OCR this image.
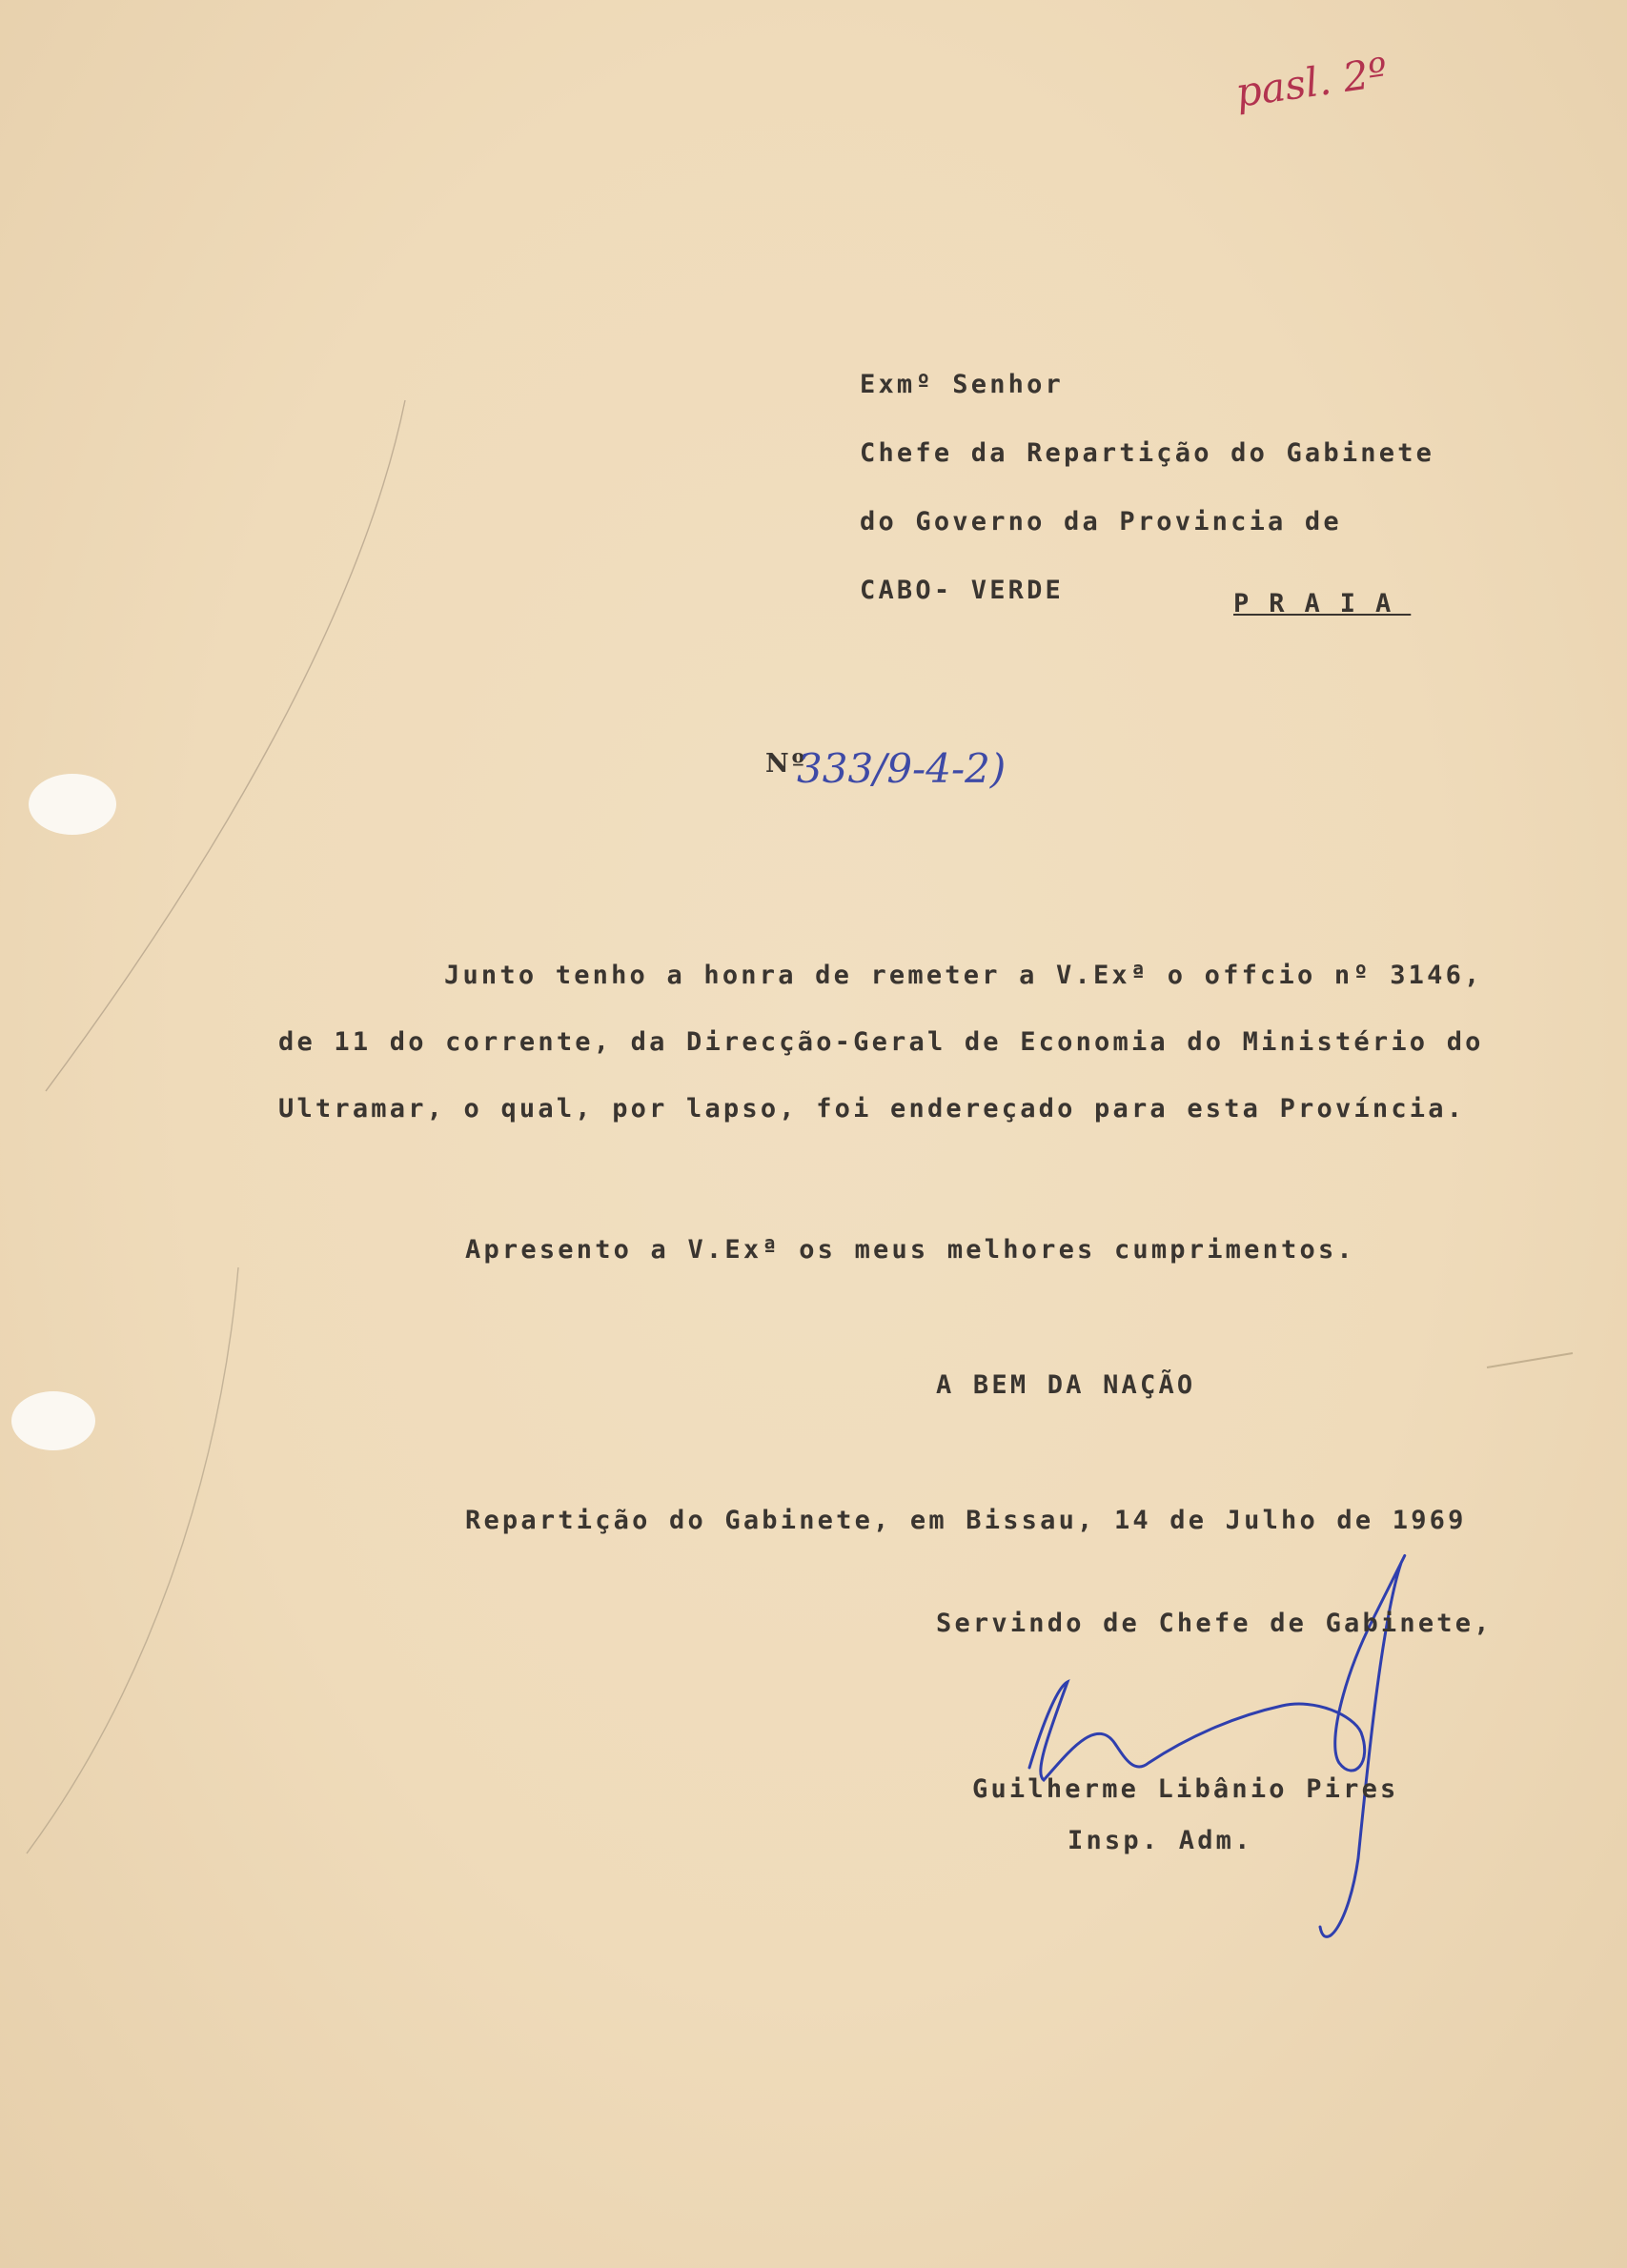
pasl. 2º
Exmº Senhor
Chefe da Repartição do Gabinete
do Governo da Provincia de
CABO- VERDE	PRAIA
Nº
333/9-4-2)
Junto tenho a honra de remeter a V.Exª o offcio nº 3146,
de 11 do corrente, da Direcção-Geral de Economia do Ministério do
Ultramar, o qual, por lapso, foi endereçado para esta Província.
Apresento a V.Exª os meus melhores cumprimentos.
A BEM DA NAÇÃO
Repartição do Gabinete, em Bissau, 14 de Julho de 1969
Servindo de Chefe de Gabinete,
Guilherme Libânio Pires
Insp. Adm.
